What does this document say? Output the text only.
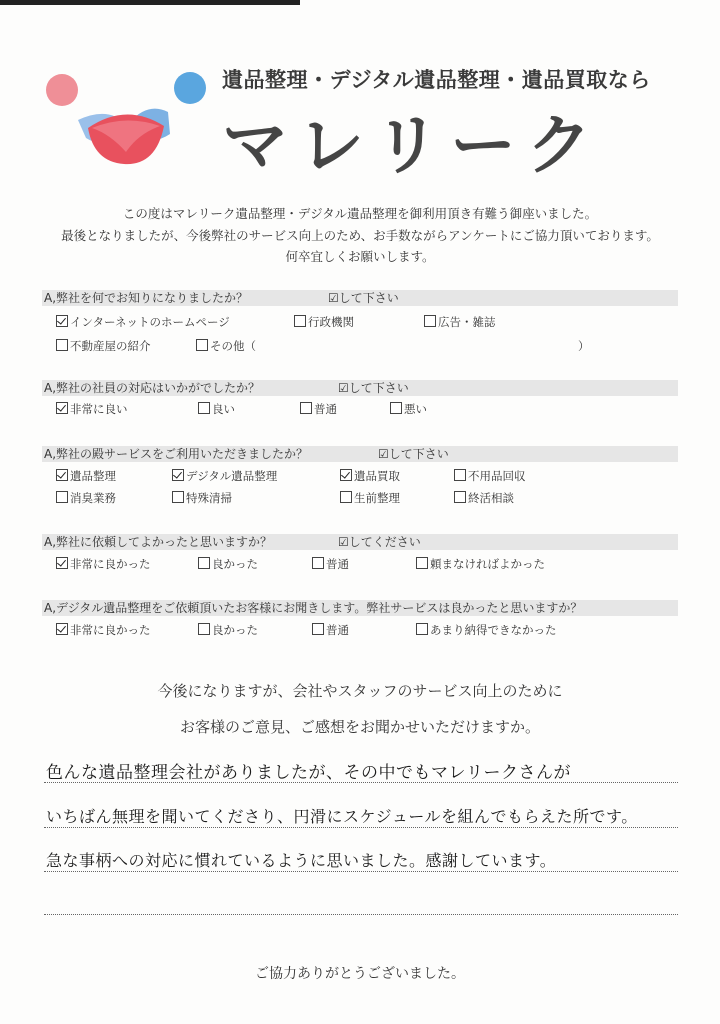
遺品整理・デジタル遺品整理・遺品買取なら
マレリーク
この度はマレリーク遺品整理・デジタル遺品整理を御利用頂き有難う御座いました。
最後となりましたが、今後弊社のサービス向上のため、お手数ながらアンケートにご協力頂いております。
何卒宜しくお願いします。
A,弊社を何でお知りになりましたか？	☑して下さい
インターネットのホームページ	行政機関	広告・雑誌
不動産屋の紹介	その他（	）
A,弊社の社員の対応はいかがでしたか？	☑して下さい
非常に良い	良い	普通	悪い
A,弊社の殿サービスをご利用いただきましたか？	☑して下さい
遺品整理	デジタル遺品整理	遺品買取	不用品回収
消臭業務	特殊清掃	生前整理	終活相談
A,弊社に依頼してよかったと思いますか？	☑してください
非常に良かった	良かった	普通	頼まなければよかった
A,デジタル遺品整理をご依頼頂いたお客様にお聞きします。弊社サービスは良かったと思いますか？
非常に良かった	良かった	普通	あまり納得できなかった
今後になりますが、会社やスタッフのサービス向上のために
お客様のご意見、ご感想をお聞かせいただけますか。
色んな遺品整理会社がありましたが、その中でもマレリークさんが
いちばん無理を聞いてくださり、円滑にスケジュールを組んでもらえた所です。
急な事柄への対応に慣れているように思いました。感謝しています。
ご協力ありがとうございました。
